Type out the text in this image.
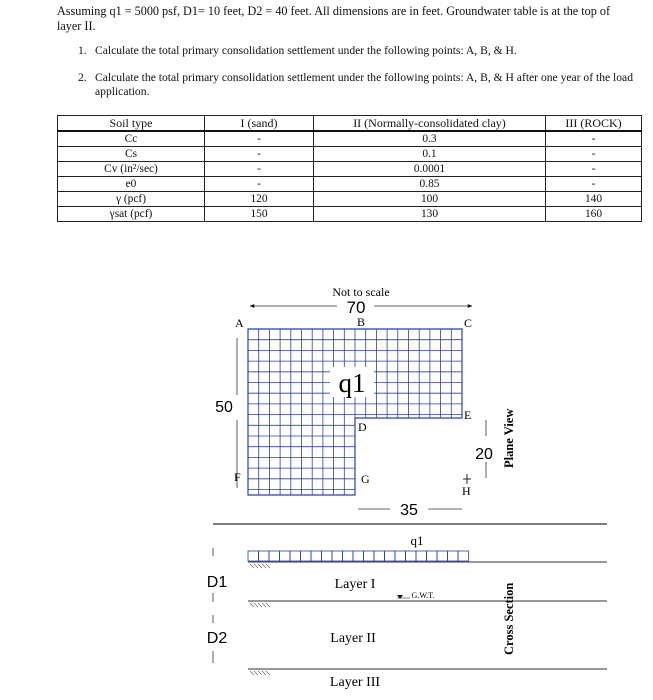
Assuming q1 = 5000 psf, D1= 10 feet, D2 = 40 feet. All dimensions are in feet. Groundwater table is at the top of
layer II.
1. Calculate the total primary consolidation settlement under the following points: A, B, & H.
2. Calculate the total primary consolidation settlement under the following points: A, B, & H after one year of the load application.
Soil type	I (sand)	II (Normally-consolidated clay)	III (ROCK)
Cc	-	0.3	-
Cs	-	0.1	-
Cv (in²/sec)	-	0.0001	-
e0	-	0.85	-
γ (pcf)	120	100	140
γsat (pcf)	150	130	160
Not to scale
70
50
q1
A	B	C
D
E
F	G
H
20
35
Plane View
q1
D1	Layer I
G.W.T.
D2	Layer II
Layer III
Cross Section
